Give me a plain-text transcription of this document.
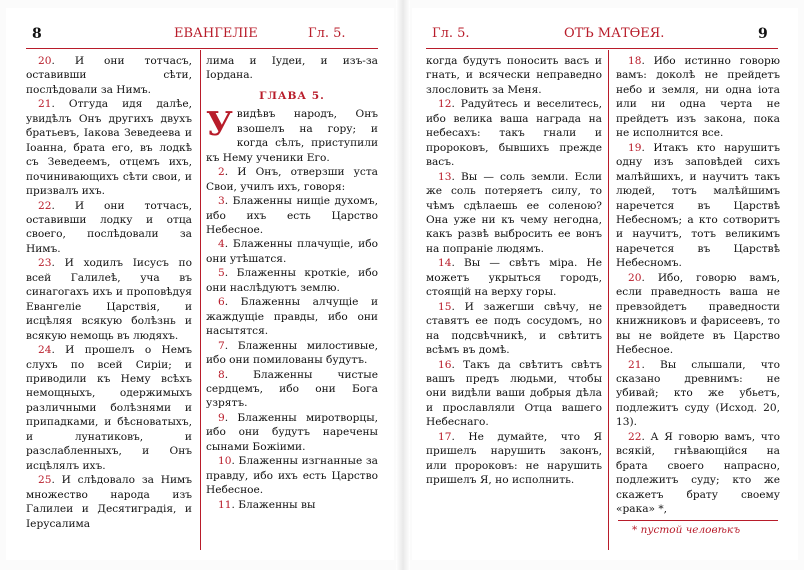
8	ЕВАНГЕЛІЕ	Гл. 5.

20. И они тотчасъ, оставивши сѣти, послѣдовали за Нимъ.

21. Отгуда идя далѣе, увидѣлъ Онъ другихъ двухъ братьевъ, Іакова Зеведеева и Іоанна, брата его, въ лодкѣ съ Зеведеемъ, отцемъ ихъ, починивающихъ сѣти свои, и призвалъ ихъ.

22. И они тотчасъ, оставивши лодку и отца своего, послѣдовали за Нимъ.

23. И ходилъ Іисусъ по всей Галилеѣ, уча въ синагогахъ ихъ и проповѣдуя Евангеліе Царствія, и исцѣляя всякую болѣзнь и всякую немощь въ людяхъ.

24. И прошелъ о Немъ слухъ по всей Сиріи; и приводили къ Нему всѣхъ немощныхъ, одержимыхъ различными болѣзнями и припадками, и бѣсноватыхъ, и лунатиковъ, и разслабленныхъ, и Онъ исцѣлялъ ихъ.

25. И слѣдовало за Нимъ множество народа изъ Галилеи и Десятиградія, и Іерусалима

лима и Іудеи, и изъ-за Іордана.

ГЛАВА 5.

Увидѣвъ народъ, Онъ взошелъ на гору; и когда сѣлъ, приступили къ Нему ученики Его.

2. И Онъ, отверзши уста Свои, училъ ихъ, говоря:

3. Блаженны нищіе духомъ, ибо ихъ есть Царство Небесное.

4. Блаженны плачущіе, ибо они утѣшатся.

5. Блаженны кроткіе, ибо они наслѣдуютъ землю.

6. Блаженны алчущіе и жаждущіе правды, ибо они насытятся.

7. Блаженны милостивые, ибо они помилованы будутъ.

8. Блаженны чистые сердцемъ, ибо они Бога узрятъ.

9. Блаженны миротворцы, ибо они будутъ наречены сынами Божіими.

10. Блаженны изгнанные за правду, ибо ихъ есть Царство Небесное.

11. Блаженны вы

Гл. 5.	ОТЪ МАТѲЕЯ.	9

когда будутъ поносить васъ и гнать, и всячески неправедно злословить за Меня.

12. Радуйтесь и веселитесь, ибо велика ваша награда на небесахъ: такъ гнали и пророковъ, бывшихъ прежде васъ.

13. Вы — соль земли. Если же соль потеряетъ силу, то чѣмъ сдѣлаешь ее соленою? Она уже ни къ чему негодна, какъ развѣ выбросить ее вонъ на попраніе людямъ.

14. Вы — свѣтъ міра. Не можетъ укрыться городъ, стоящій на верху горы.

15. И зажегши свѣчу, не ставятъ ее подъ сосудомъ, но на подсвѣчникѣ, и свѣтитъ всѣмъ въ домѣ.

16. Такъ да свѣтитъ свѣтъ вашъ предъ людьми, чтобы они видѣли ваши добрыя дѣла и прославляли Отца вашего Небеснаго.

17. Не думайте, что Я пришелъ нарушить законъ, или пророковъ: не нарушить пришелъ Я, но исполнить.

18. Ибо истинно говорю вамъ: доколѣ не прейдетъ небо и земля, ни одна іота или ни одна черта не прейдетъ изъ закона, пока не исполнится все.

19. Итакъ кто нарушитъ одну изъ заповѣдей сихъ малѣйшихъ, и научитъ такъ людей, тотъ малѣйшимъ наречется въ Царствѣ Небесномъ; а кто сотворитъ и научитъ, тотъ великимъ наречется въ Царствѣ Небесномъ.

20. Ибо, говорю вамъ, если праведность ваша не превзойдетъ праведности книжниковъ и фарисеевъ, то вы не войдете въ Царство Небесное.

21. Вы слышали, что сказано древнимъ: не убивай; кто же убьетъ, подлежитъ суду (Исход. 20, 13).

22. А Я говорю вамъ, что всякій, гнѣвающійся на брата своего напрасно, подлежитъ суду; кто же скажетъ брату своему «рака» *,

* пустой человѣкъ
